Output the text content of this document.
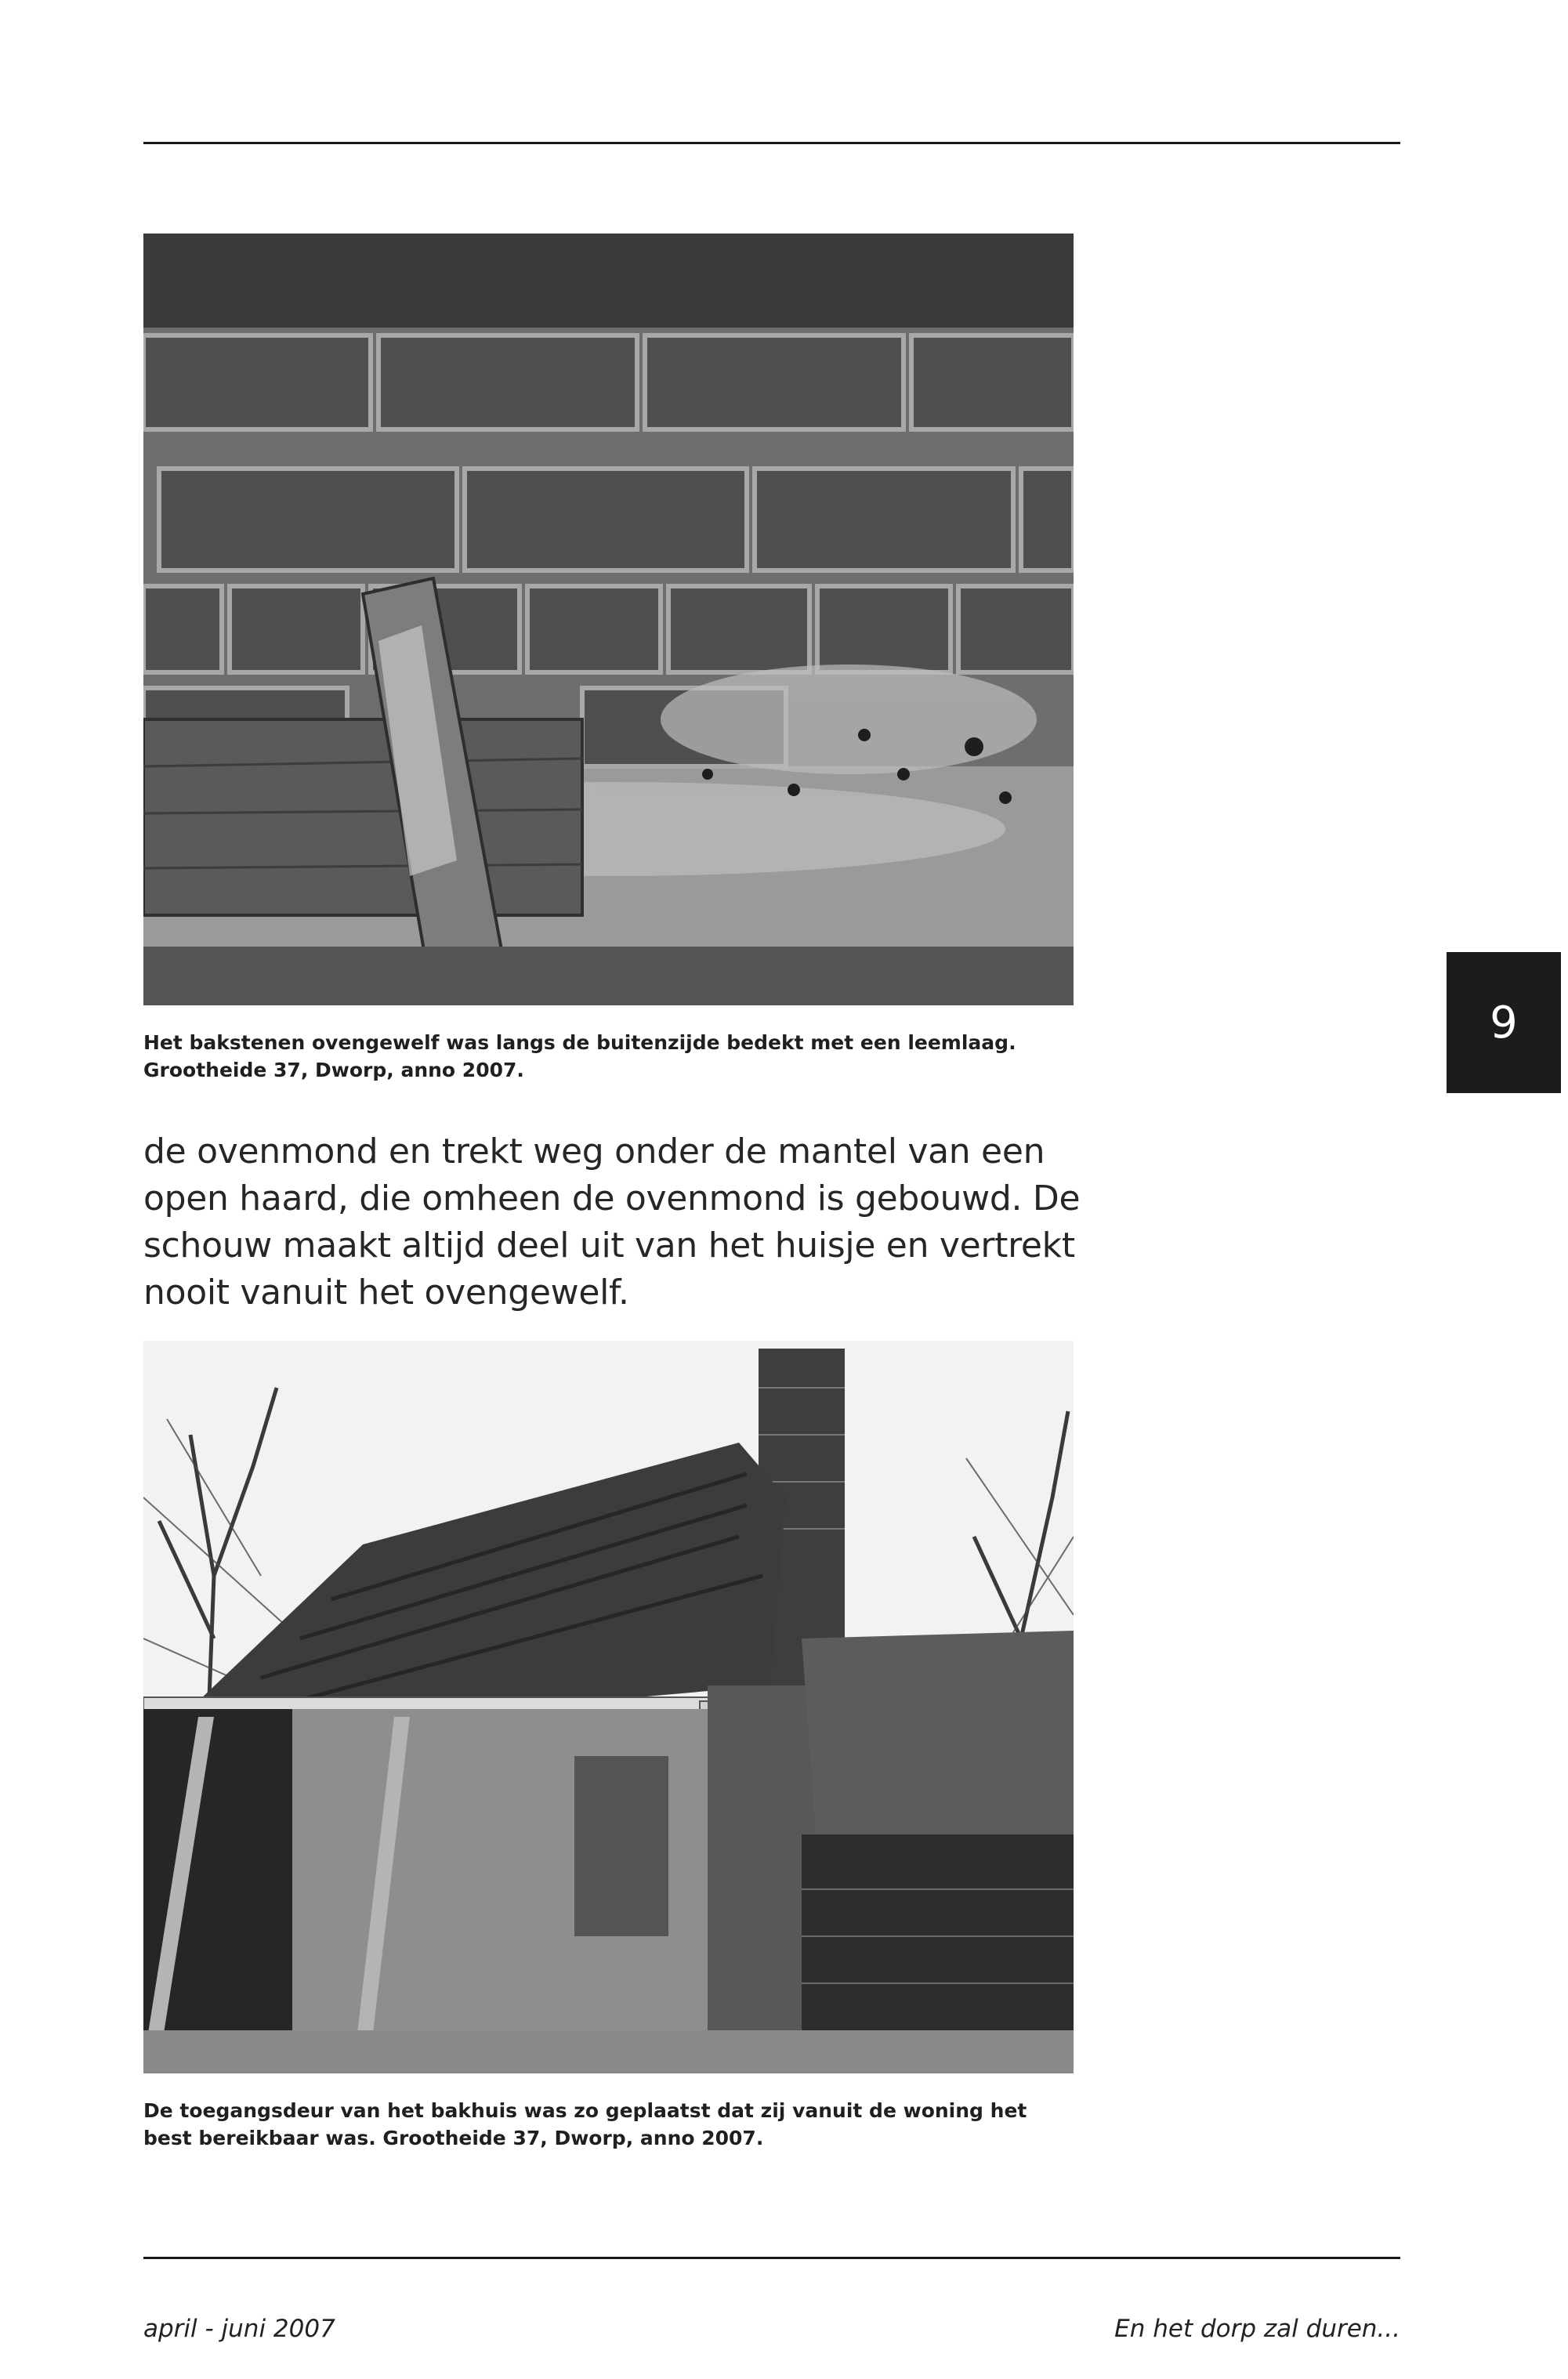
Het bakstenen ovengewelf was langs de buitenzijde bedekt met een leemlaag. Grootheide 37, Dworp, anno 2007.

9

de ovenmond en trekt weg onder de mantel van een open haard, die omheen de ovenmond is gebouwd. De schouw maakt altijd deel uit van het huisje en vertrekt nooit vanuit het ovengewelf.

De toegangsdeur van het bakhuis was zo geplaatst dat zij vanuit de woning het best bereikbaar was. Grootheide 37, Dworp, anno 2007.

april - juni 2007	En het dorp zal duren...
